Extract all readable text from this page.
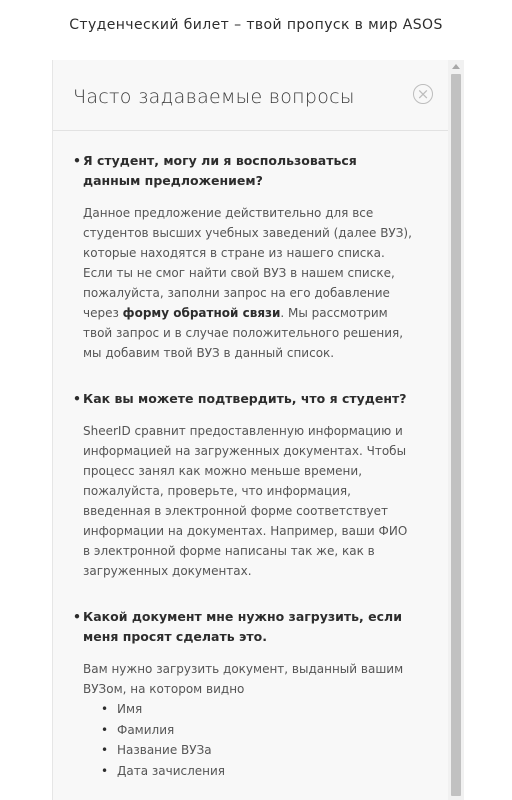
Студенческий билет – твой пропуск в мир ASOS
Часто задаваемые вопросы	×
• Я студент, могу ли я воспользоваться данным предложением?
Данное предложение действительно для все студентов высших учебных заведений (далее ВУЗ), которые находятся в стране из нашего списка. Если ты не смог найти свой ВУЗ в нашем списке, пожалуйста, заполни запрос на его добавление через форму обратной связи. Мы рассмотрим твой запрос и в случае положительного решения, мы добавим твой ВУЗ в данный список.
• Как вы можете подтвердить, что я студент?
SheerID сравнит предоставленную информацию и информацией на загруженных документах. Чтобы процесс занял как можно меньше времени, пожалуйста, проверьте, что информация, введенная в электронной форме соответствует информации на документах. Например, ваши ФИО в электронной форме написаны так же, как в загруженных документах.
• Какой документ мне нужно загрузить, если меня просят сделать это.
Вам нужно загрузить документ, выданный вашим ВУЗом, на котором видно
• Имя
• Фамилия
• Название ВУЗа
• Дата зачисления
